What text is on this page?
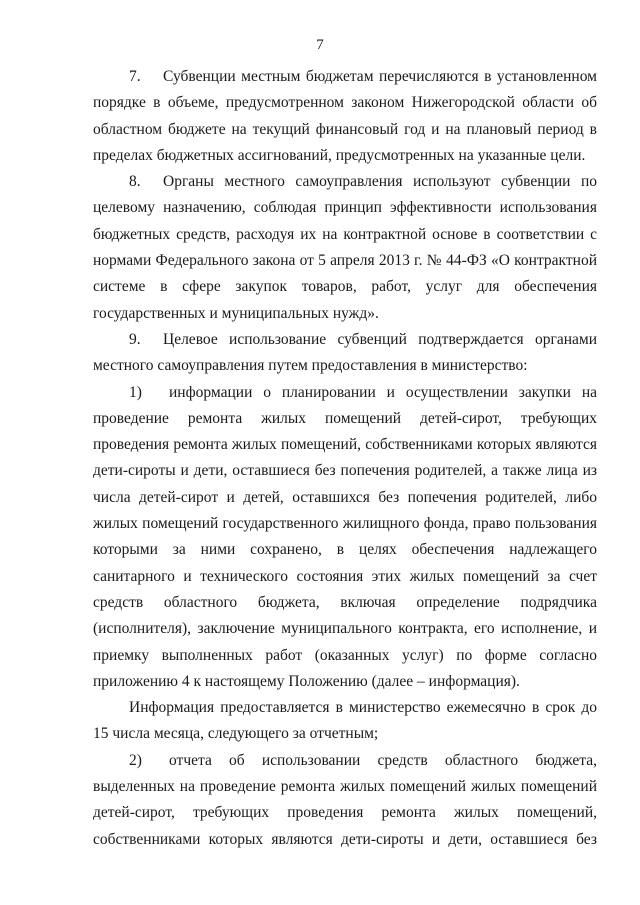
7

7. Субвенции местным бюджетам перечисляются в установленном порядке в объеме, предусмотренном законом Нижегородской области об областном бюджете на текущий финансовый год и на плановый период в пределах бюджетных ассигнований, предусмотренных на указанные цели.

8. Органы местного самоуправления используют субвенции по целевому назначению, соблюдая принцип эффективности использования бюджетных средств, расходуя их на контрактной основе в соответствии с нормами Федерального закона от 5 апреля 2013 г. № 44-ФЗ «О контрактной системе в сфере закупок товаров, работ, услуг для обеспечения государственных и муниципальных нужд».

9. Целевое использование субвенций подтверждается органами местного самоуправления путем предоставления в министерство:

1) информации о планировании и осуществлении закупки на проведение ремонта жилых помещений детей-сирот, требующих проведения ремонта жилых помещений, собственниками которых являются дети-сироты и дети, оставшиеся без попечения родителей, а также лица из числа детей-сирот и детей, оставшихся без попечения родителей, либо жилых помещений государственного жилищного фонда, право пользования которыми за ними сохранено, в целях обеспечения надлежащего санитарного и технического состояния этих жилых помещений за счет средств областного бюджета, включая определение подрядчика (исполнителя), заключение муниципального контракта, его исполнение, и приемку выполненных работ (оказанных услуг) по форме согласно приложению 4 к настоящему Положению (далее – информация).

Информация предоставляется в министерство ежемесячно в срок до 15 числа месяца, следующего за отчетным;

2) отчета об использовании средств областного бюджета, выделенных на проведение ремонта жилых помещений жилых помещений детей-сирот, требующих проведения ремонта жилых помещений, собственниками которых являются дети-сироты и дети, оставшиеся без
